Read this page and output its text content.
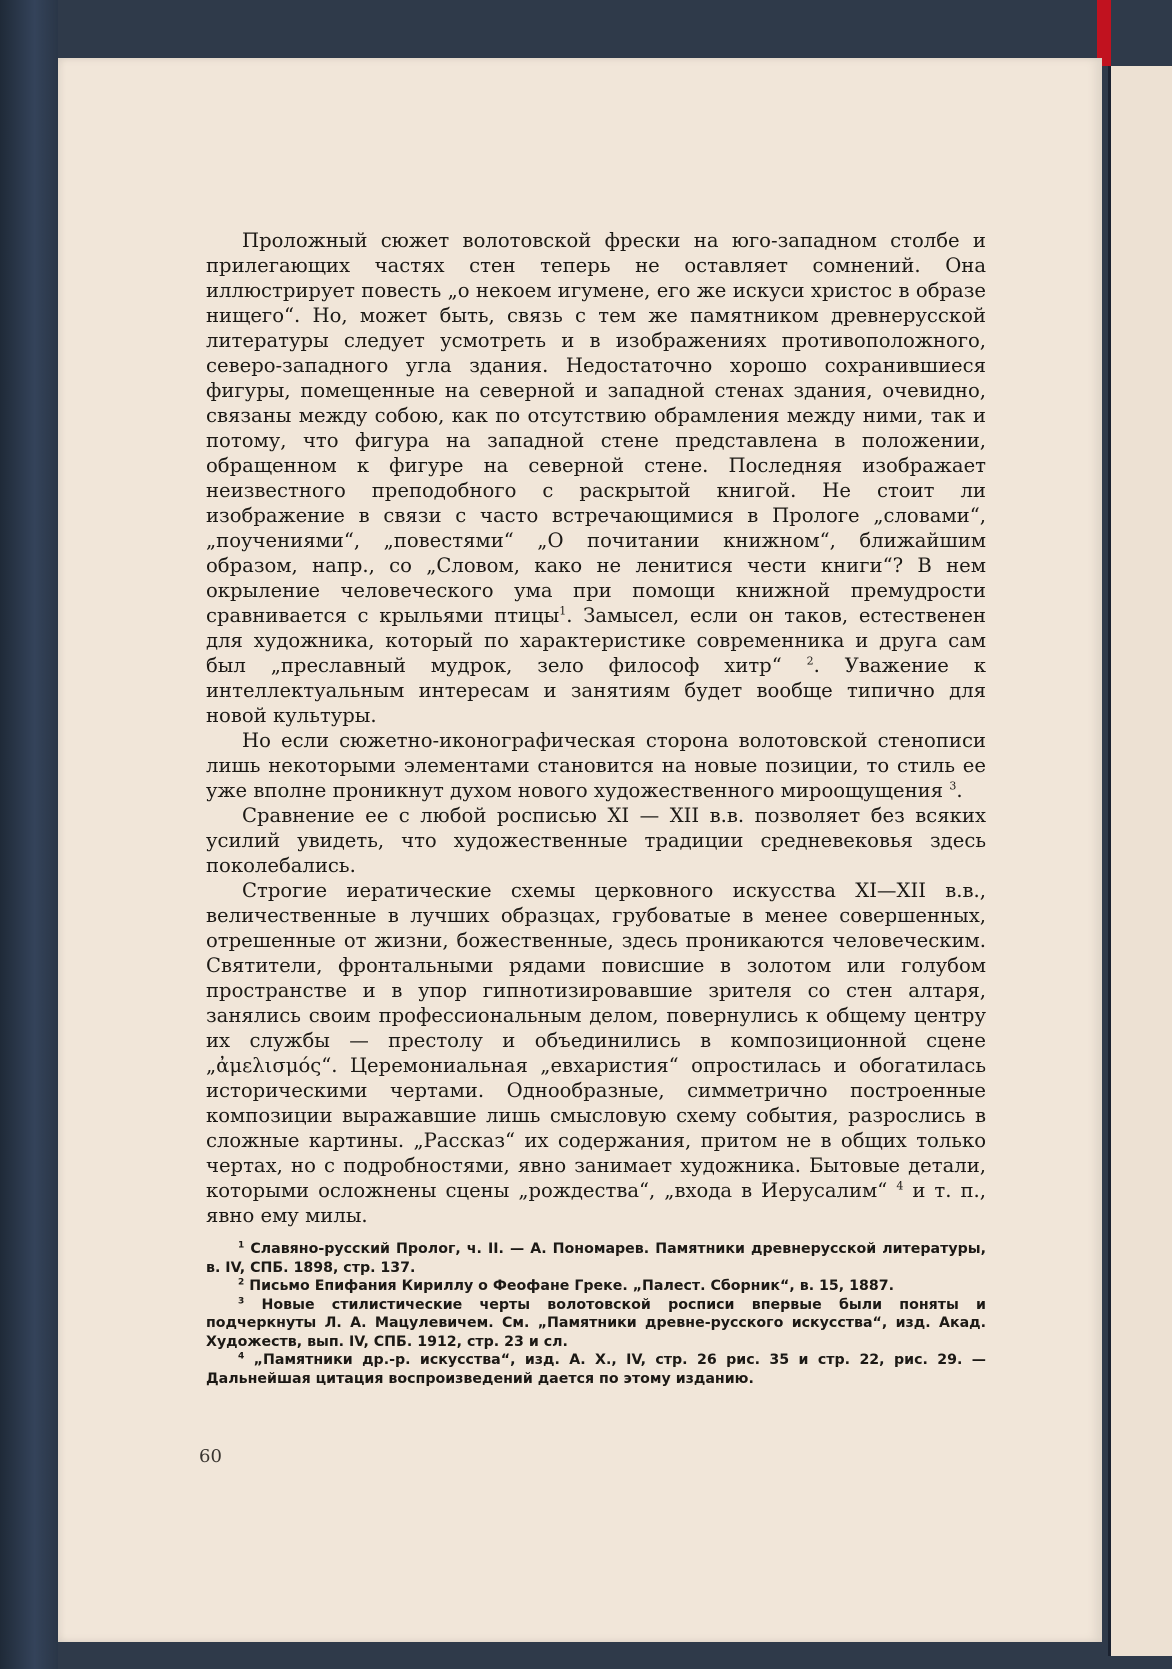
Проложный сюжет волотовской фрески на юго-западном столбе и прилегающих частях стен теперь не оставляет сомнений. Она иллюстрирует повесть „о некоем игумене, его же искуси христос в образе нищего“. Но, может быть, связь с тем же памятником древнерусской литературы следует усмотреть и в изображениях противоположного, северо-западного угла здания. Недостаточно хорошо сохранившиеся фигуры, помещенные на северной и западной стенах здания, очевидно, связаны между собою, как по отсутствию обрамления между ними, так и потому, что фигура на западной стене представлена в положении, обращенном к фигуре на северной стене. Последняя изображает неизвестного преподобного с раскрытой книгой. Не стоит ли изображение в связи с часто встречающимися в Прологе „словами“, „поучениями“, „повестями“ „О почитании книжном“, ближайшим образом, напр., со „Словом, како не ленитися чести книги“? В нем окрыление человеческого ума при помощи книжной премудрости сравнивается с крыльями птицы$^1$. Замысел, если он таков, естественен для художника, который по характеристике современника и друга сам был „преславный мудрок, зело философ хитр“ $^2$. Уважение к интеллектуальным интересам и занятиям будет вообще типично для новой культуры.

Но если сюжетно-иконографическая сторона волотовской стенописи лишь некоторыми элементами становится на новые позиции, то стиль ее уже вполне проникнут духом нового художественного мироощущения $^3$.

Сравнение ее с любой росписью XI — XII в.в. позволяет без всяких усилий увидеть, что художественные традиции средневековья здесь поколебались.

Строгие иератические схемы церковного искусства XI—XII в.в., величественные в лучших образцах, грубоватые в менее совершенных, отрешенные от жизни, божественные, здесь проникаются человеческим. Святители, фронтальными рядами повисшие в золотом или голубом пространстве и в упор гипнотизировавшие зрителя со стен алтаря, занялись своим профессиональным делом, повернулись к общему центру их службы — престолу и объединились в композиционной сцене „ἀμελισμός“. Церемониальная „евхаристия“ опростилась и обогатилась историческими чертами. Однообразные, симметрично построенные композиции выражавшие лишь смысловую схему события, разрослись в сложные картины. „Рассказ“ их содержания, притом не в общих только чертах, но с подробностями, явно занимает художника. Бытовые детали, которыми осложнены сцены „рождества“, „входа в Иерусалим“ $^4$ и т. п., явно ему милы.

$^1$ Славяно-русский Пролог, ч. II. — А. Пономарев. Памятники древнерусской литературы, в. IV, СПБ. 1898, стр. 137.

$^2$ Письмо Епифания Кириллу о Феофане Греке. „Палест. Сборник“, в. 15, 1887.

$^3$ Новые стилистические черты волотовской росписи впервые были поняты и подчеркнуты Л. А. Мацулевичем. См. „Памятники древне-русского искусства“, изд. Акад. Художеств, вып. IV, СПБ. 1912, стр. 23 и сл.

$^4$ „Памятники др.-р. искусства“, изд. А. Х., IV, стр. 26 рис. 35 и стр. 22, рис. 29. — Дальнейшая цитация воспроизведений дается по этому изданию.

60
